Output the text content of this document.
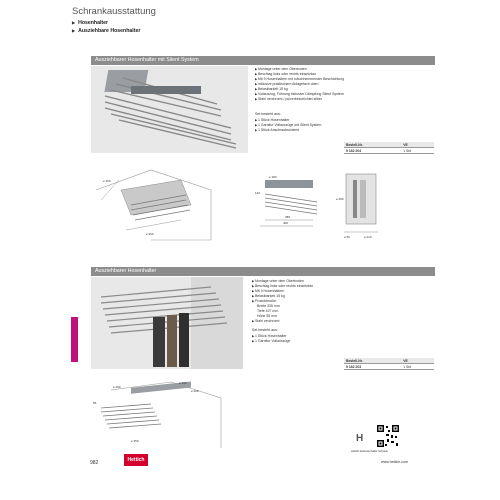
Schrankausstattung
▶ Hosenhalter
▶ Ausziehbare Hosenhalter
Ausziehbarer Hosenhalter mit Silent System
▶ Montage unter dem Oberboden
▶ Beschlag links oder rechts einsetzbar
▶ Mit 9 Hosenhaltern mit rutschhemmender Beschichtung
▶ Inklusive praktischem Ablagefach oben
▶ Belastbarkeit 15 kg
▶ Vollauszug, Führung inklusive Dämpfung Silent System
▶ Stahl verchromt / pulverbeschichtet silber
Set besteht aus:
▶ 1 Stück Hosenhalter
▶ 1 Garnitur Vollauszüge mit Silent System
▶ 1 Stück Anschraubschiene
Bestell-Nr.	VE
9 162 204	1 Set
≥ 490
≥ 350
≥ 180
140
385
400
≥ 290
≥ 50	≥ 210
Ausziehbarer Hosenhalter
▶ Montage unter dem Oberboden
▶ Beschlag links oder rechts einsetzbar
▶ Mit 9 Hosenhaltern
▶ Belastbarkeit 15 kg
▶ Produktmaße:
Breite 335 mm
Tiefe 427 mm
Höhe 55 mm
▶ Stahl verchromt
Set besteht aus:
▶ 1 Stück Hosenhalter
▶ 1 Garnitur Vollauszüge
Bestell-Nr.	VE
9 162 203	1 Set
≥ 490
≥ 300
≥ 200
≥ 350
55
H
Hettich.de/Hosenhalter-Schrank
982	Hettich	www.hettich.com
